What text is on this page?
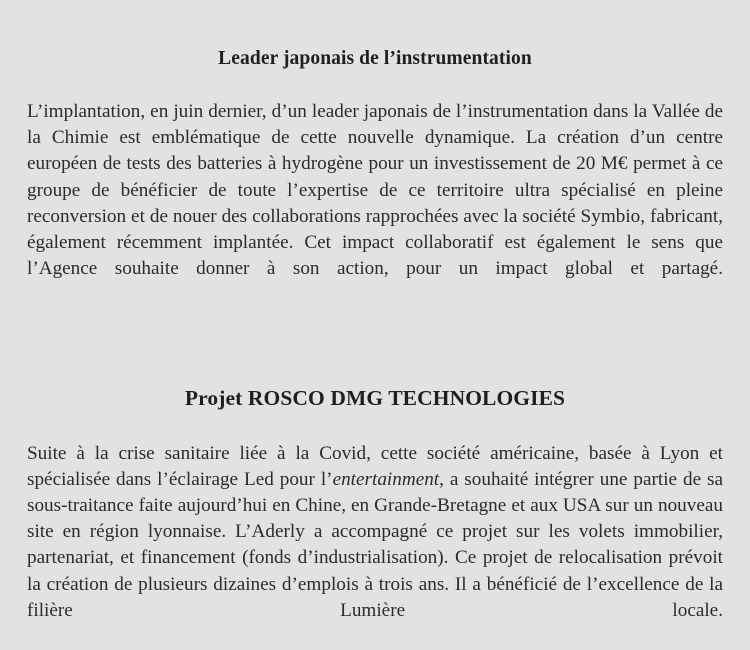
Leader japonais de l’instrumentation

L’implantation, en juin dernier, d’un leader japonais de l’instrumentation dans la Vallée de la Chimie est emblématique de cette nouvelle dynamique. La création d’un centre européen de tests des batteries à hydrogène pour un investissement de 20 M€ permet à ce groupe de bénéficier de toute l’expertise de ce territoire ultra spécialisé en pleine reconversion et de nouer des collaborations rapprochées avec la société Symbio, fabricant, également récemment implantée. Cet impact collaboratif est également le sens que l’Agence souhaite donner à son action, pour un impact global et partagé.

Projet ROSCO DMG TECHNOLOGIES

Suite à la crise sanitaire liée à la Covid, cette société américaine, basée à Lyon et spécialisée dans l’éclairage Led pour l’entertainment, a souhaité intégrer une partie de sa sous-traitance faite aujourd’hui en Chine, en Grande-Bretagne et aux USA sur un nouveau site en région lyonnaise. L’Aderly a accompagné ce projet sur les volets immobilier, partenariat, et financement (fonds d’industrialisation). Ce projet de relocalisation prévoit la création de plusieurs dizaines d’emplois à trois ans. Il a bénéficié de l’excellence de la filière Lumière locale.
